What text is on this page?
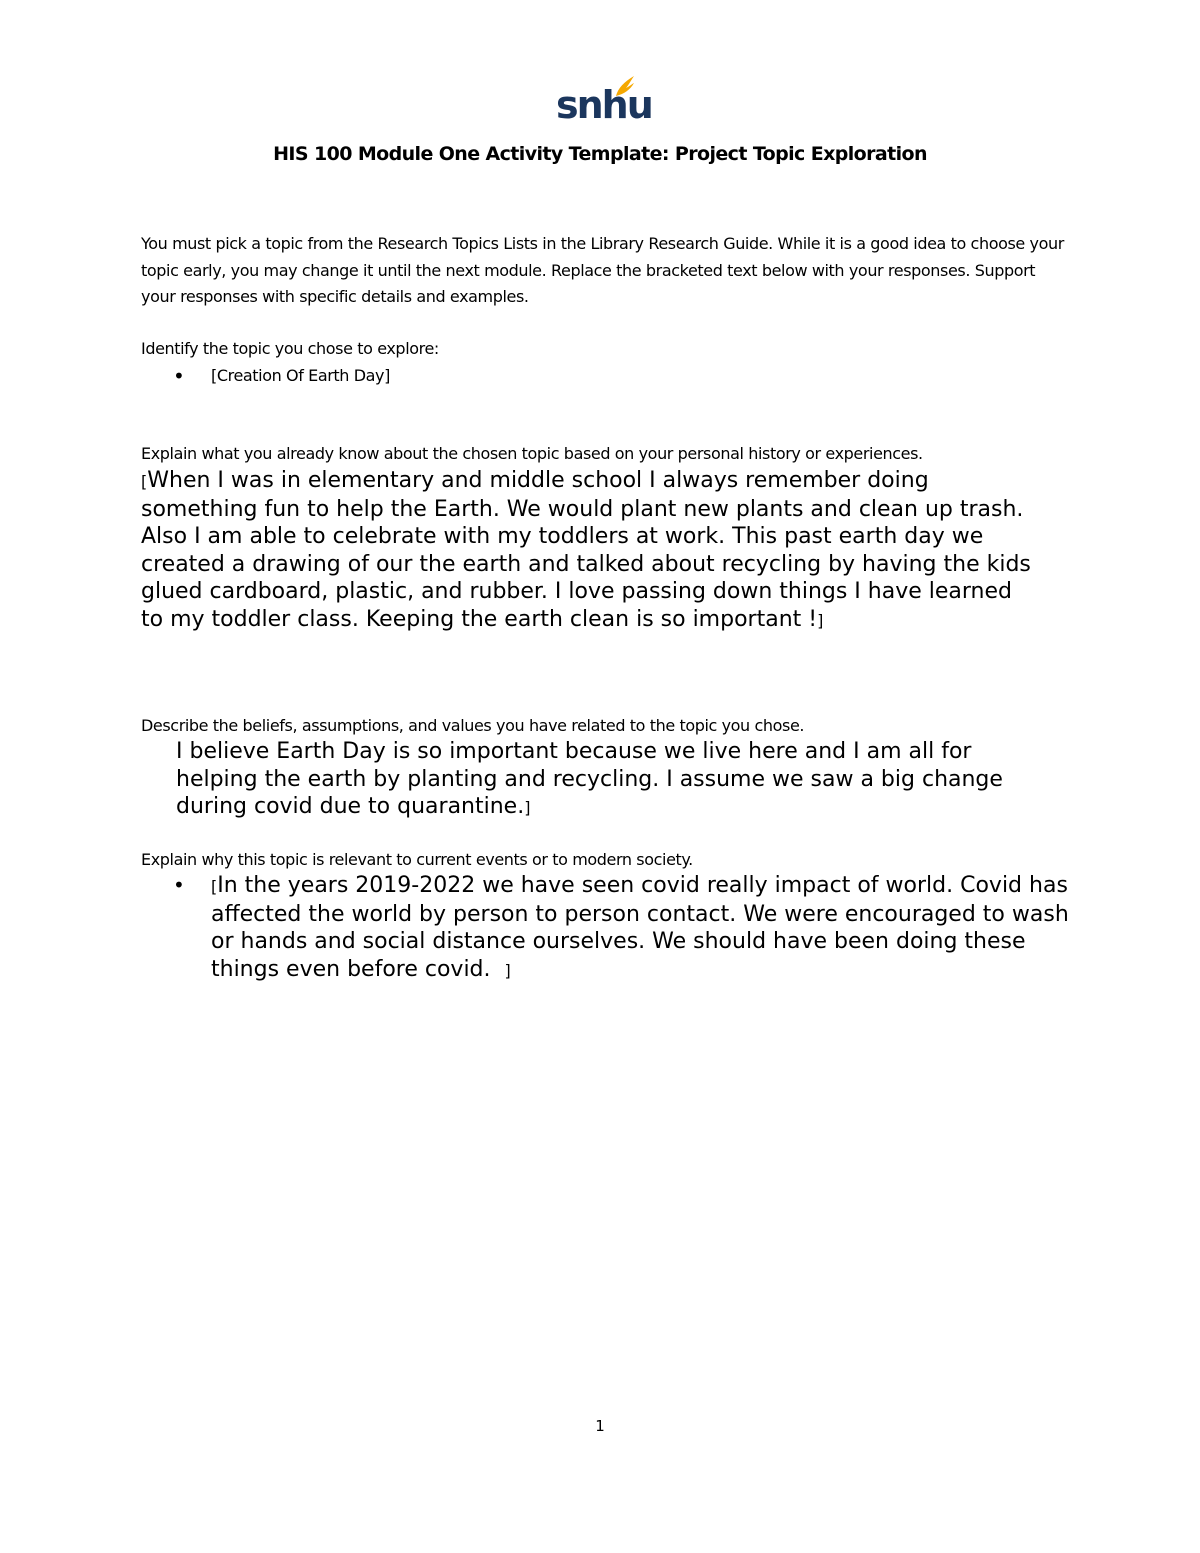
snhu
HIS 100 Module One Activity Template: Project Topic Exploration
You must pick a topic from the Research Topics Lists in the Library Research Guide. While it is a good idea to choose your topic early, you may change it until the next module. Replace the bracketed text below with your responses. Support your responses with specific details and examples.
Identify the topic you chose to explore:
•	[Creation Of Earth Day]
Explain what you already know about the chosen topic based on your personal history or experiences.
[When I was in elementary and middle school I always remember doing something fun to help the Earth. We would plant new plants and clean up trash. Also I am able to celebrate with my toddlers at work. This past earth day we created a drawing of our the earth and talked about recycling by having the kids glued cardboard, plastic, and rubber. I love passing down things I have learned to my toddler class. Keeping the earth clean is so important !]
Describe the beliefs, assumptions, and values you have related to the topic you chose.
I believe Earth Day is so important because we live here and I am all for helping the earth by planting and recycling. I assume we saw a big change during covid due to quarantine.]
Explain why this topic is relevant to current events or to modern society.
•	[In the years 2019-2022 we have seen covid really impact of world. Covid has affected the world by person to person contact. We were encouraged to wash or hands and social distance ourselves. We should have been doing these things even before covid.  ]
1
